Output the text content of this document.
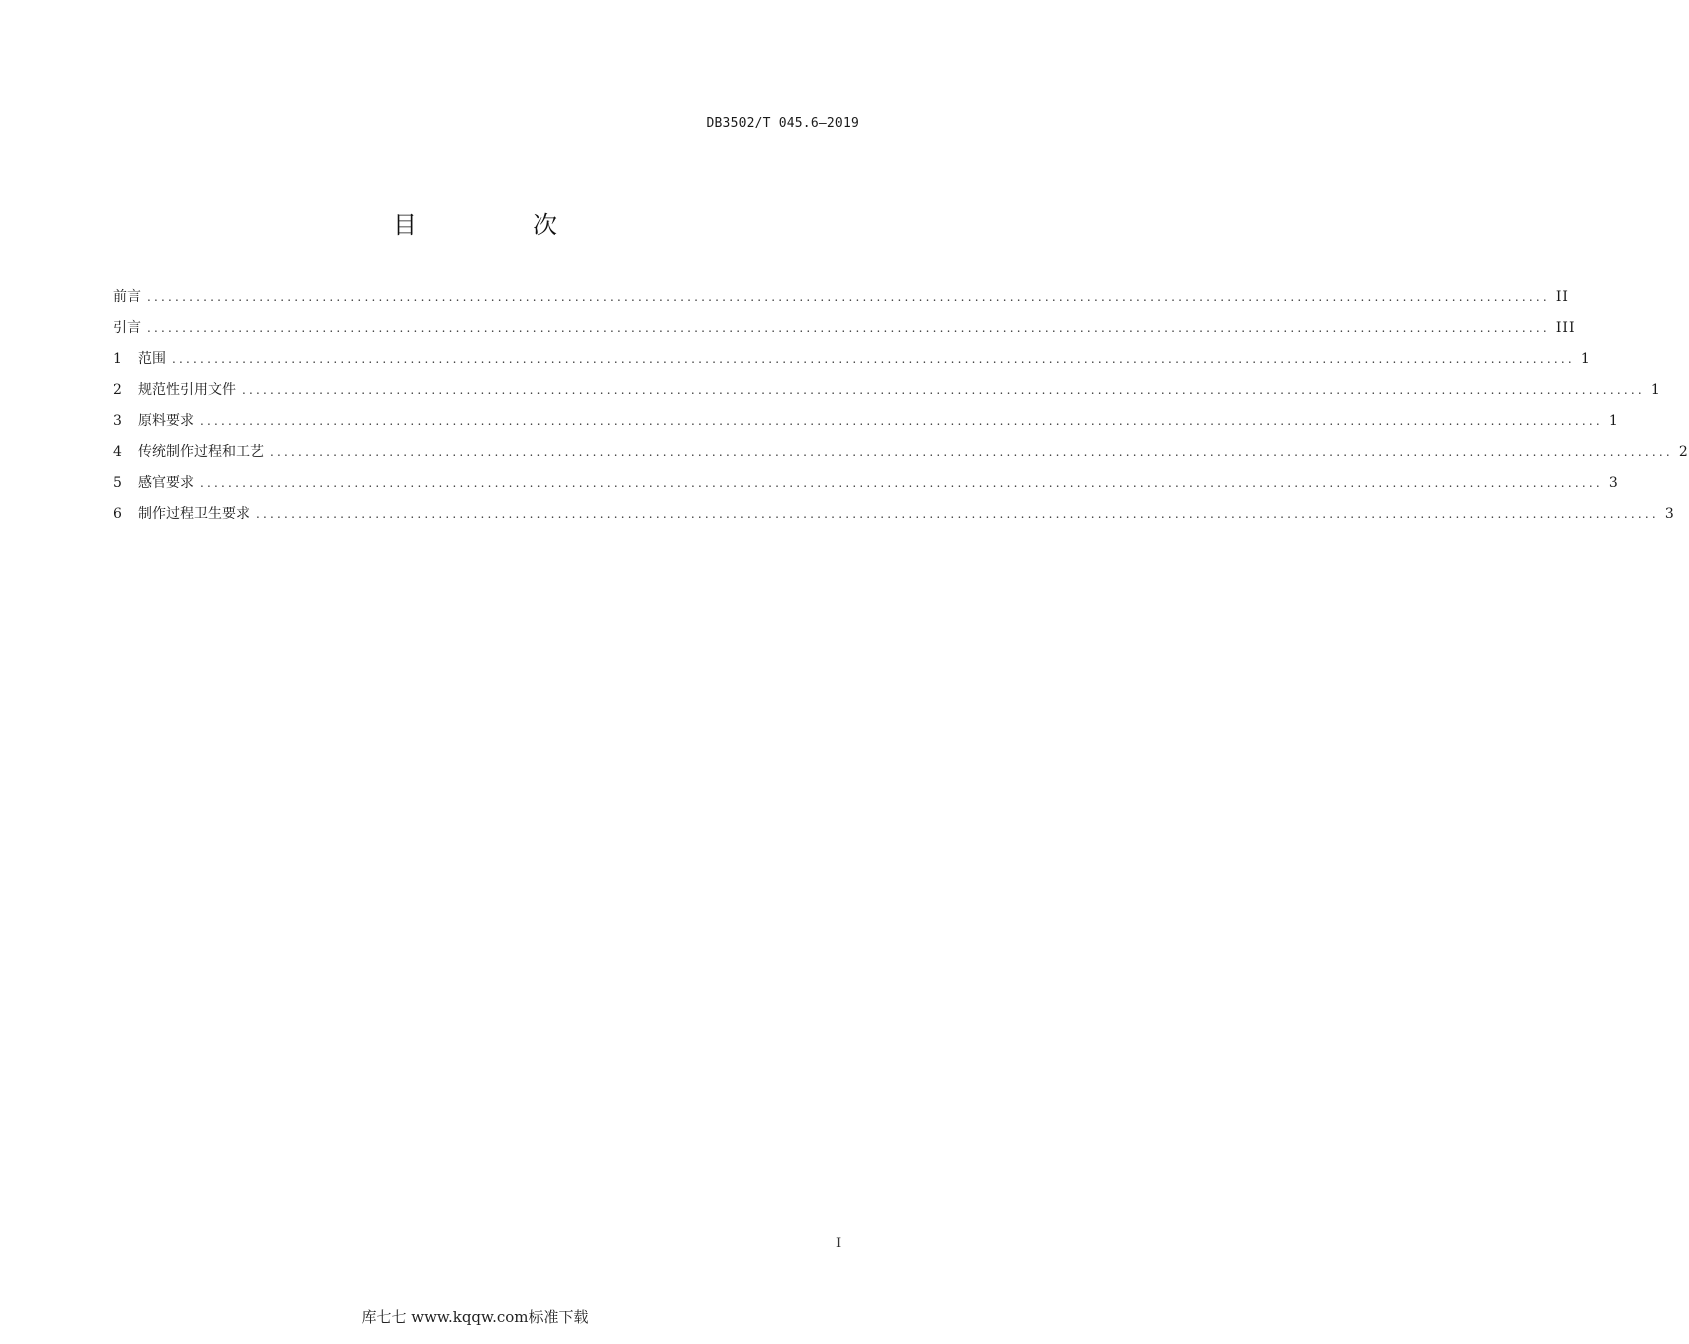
DB3502/T 045.6—2019
目　次
前言 ........................................................................................................................................................................................................ II
引言 ........................................................................................................................................................................................................ III
1	范围 ........................................................................................................................................................................................................ 1
2	规范性引用文件 ........................................................................................................................................................................................................ 1
3	原料要求 ........................................................................................................................................................................................................ 1
4	传统制作过程和工艺 ........................................................................................................................................................................................................ 2
5	感官要求 ........................................................................................................................................................................................................ 3
6	制作过程卫生要求 ........................................................................................................................................................................................................ 3
I
库七七 www.kqqw.com标准下载
